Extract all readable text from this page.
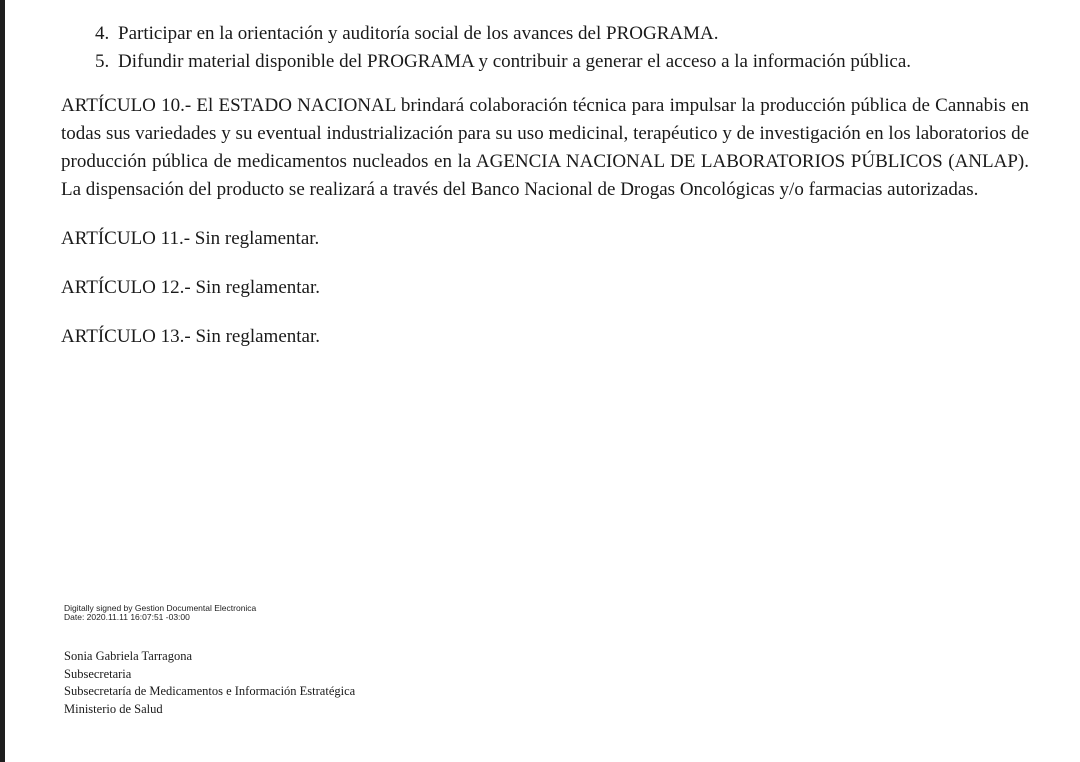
4. Participar en la orientación y auditoría social de los avances del PROGRAMA.
5. Difundir material disponible del PROGRAMA y contribuir a generar el acceso a la información pública.

ARTÍCULO 10.- El ESTADO NACIONAL brindará colaboración técnica para impulsar la producción pública de Cannabis en todas sus variedades y su eventual industrialización para su uso medicinal, terapéutico y de investigación en los laboratorios de producción pública de medicamentos nucleados en la AGENCIA NACIONAL DE LABORATORIOS PÚBLICOS (ANLAP). La dispensación del producto se realizará a través del Banco Nacional de Drogas Oncológicas y/o farmacias autorizadas.

ARTÍCULO 11.- Sin reglamentar.

ARTÍCULO 12.- Sin reglamentar.

ARTÍCULO 13.- Sin reglamentar.

Digitally signed by Gestion Documental Electronica
Date: 2020.11.11 16:07:51 -03:00
Sonia Gabriela Tarragona
Subsecretaria
Subsecretaría de Medicamentos e Información Estratégica
Ministerio de Salud
